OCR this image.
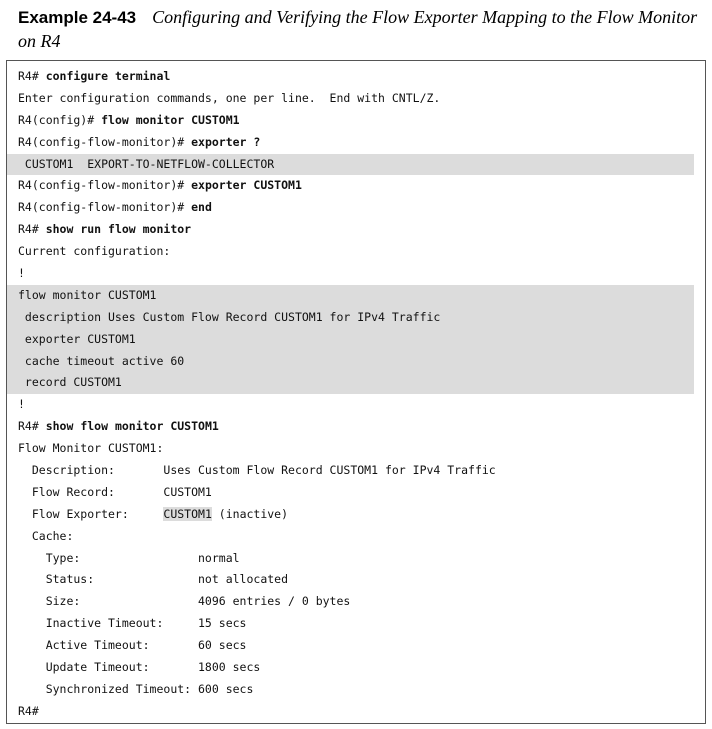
Example 24-43 Configuring and Verifying the Flow Exporter Mapping to the Flow Monitor on R4
R4# configure terminal
Enter configuration commands, one per line.  End with CNTL/Z.
R4(config)# flow monitor CUSTOM1
R4(config-flow-monitor)# exporter ?
CUSTOM1  EXPORT-TO-NETFLOW-COLLECTOR
R4(config-flow-monitor)# exporter CUSTOM1
R4(config-flow-monitor)# end
R4# show run flow monitor
Current configuration:
!
flow monitor CUSTOM1
description Uses Custom Flow Record CUSTOM1 for IPv4 Traffic
exporter CUSTOM1
cache timeout active 60
record CUSTOM1
!
R4# show flow monitor CUSTOM1
Flow Monitor CUSTOM1:
Description:       Uses Custom Flow Record CUSTOM1 for IPv4 Traffic
Flow Record:       CUSTOM1
Flow Exporter:     CUSTOM1 (inactive)
Cache:
Type:                 normal
Status:               not allocated
Size:                 4096 entries / 0 bytes
Inactive Timeout:     15 secs
Active Timeout:       60 secs
Update Timeout:       1800 secs
Synchronized Timeout: 600 secs
R4#
